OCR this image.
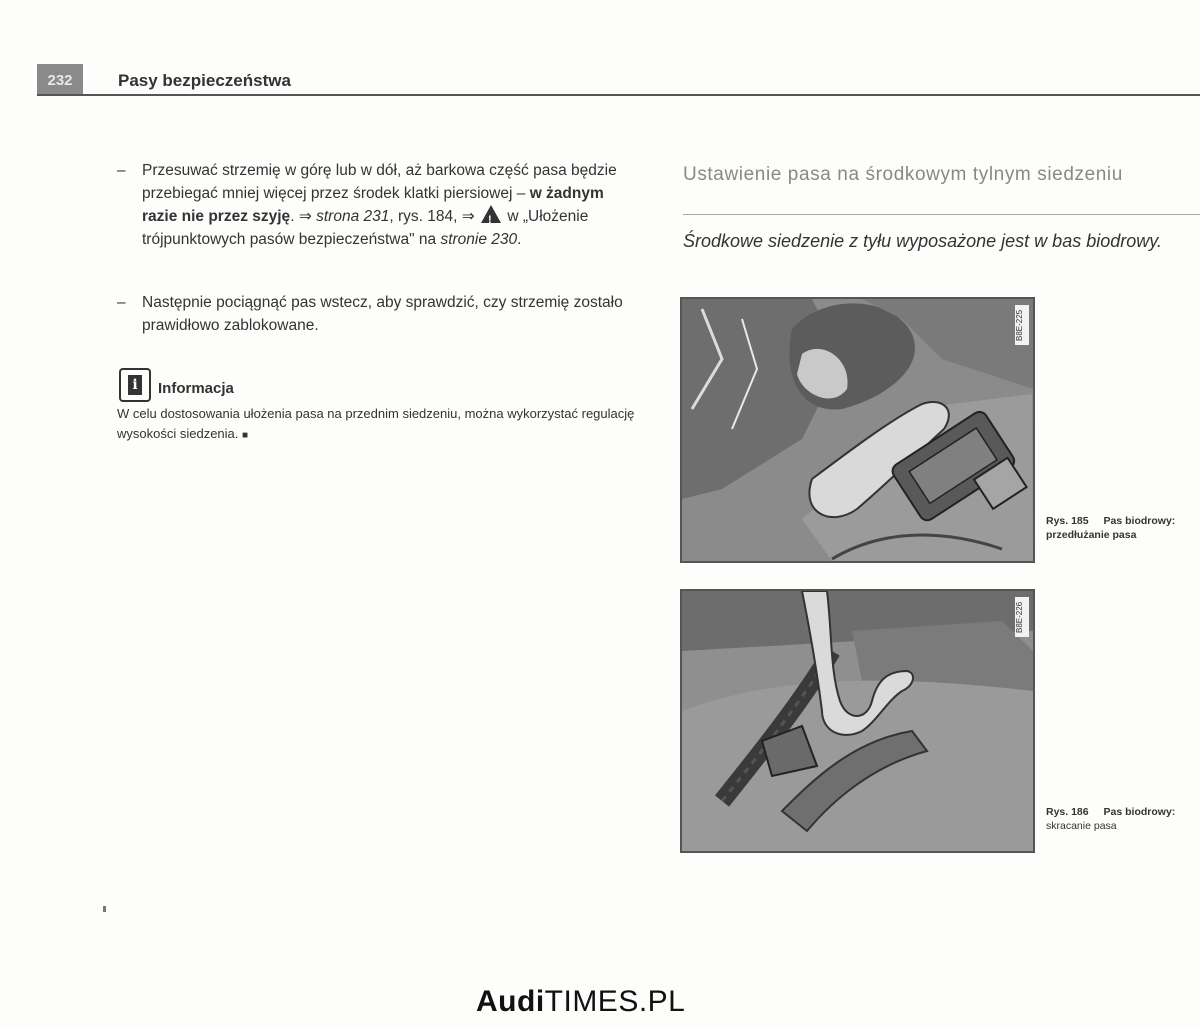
232	Pasy bezpieczeństwa
– Przesuwać strzemię w górę lub w dół, aż barkowa część pasa będzie przebiegać mniej więcej przez środek klatki piersiowej – w żadnym razie nie przez szyję. ⇒ strona 231, rys. 184, ⇒ ! w „Ułożenie trójpunktowych pasów bezpieczeństwa" na stronie 230.
– Następnie pociągnąć pas wstecz, aby sprawdzić, czy strzemię zostało prawidłowo zablokowane.
i Informacja
W celu dostosowania ułożenia pasa na przednim siedzeniu, można wykorzystać regulację wysokości siedzenia. ■
Ustawienie pasa na środkowym tylnym siedzeniu
Środkowe siedzenie z tyłu wyposażone jest w bas biodrowy.
B8E-225
Rys. 185 Pas biodrowy: przedłużanie pasa
B8E-226
Rys. 186 Pas biodrowy: skracanie pasa
AudiTIMES.PL
